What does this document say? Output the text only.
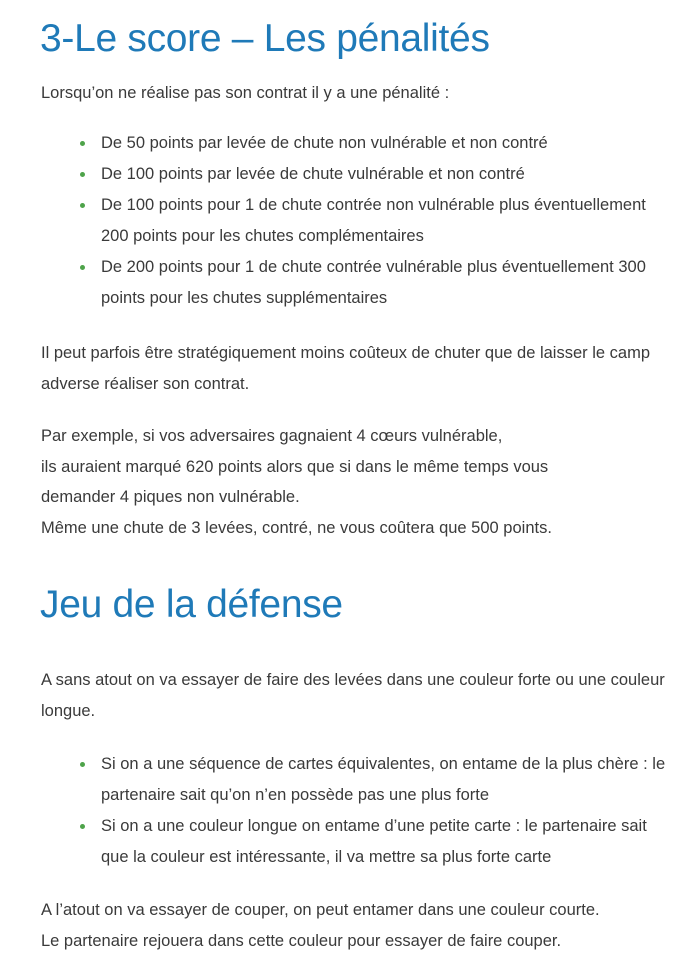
3-Le score – Les pénalités

Lorsqu’on ne réalise pas son contrat il y a une pénalité :

De 50 points par levée de chute non vulnérable et non contré
De 100 points par levée de chute vulnérable et non contré
De 100 points pour 1 de chute contrée non vulnérable plus éventuellement 200 points pour les chutes complémentaires
De 200 points pour 1 de chute contrée vulnérable plus éventuellement 300 points pour les chutes supplémentaires

Il peut parfois être stratégiquement moins coûteux de chuter que de laisser le camp adverse réaliser son contrat.

Par exemple, si vos adversaires gagnaient 4 cœurs vulnérable,
ils auraient marqué 620 points alors que si dans le même temps vous
demander 4 piques non vulnérable.
Même une chute de 3 levées, contré, ne vous coûtera que 500 points.

Jeu de la défense

A sans atout on va essayer de faire des levées dans une couleur forte ou une couleur longue.

Si on a une séquence de cartes équivalentes, on entame de la plus chère : le partenaire sait qu’on n’en possède pas une plus forte
Si on a une couleur longue on entame d’une petite carte : le partenaire sait que la couleur est intéressante, il va mettre sa plus forte carte

A l’atout on va essayer de couper, on peut entamer dans une couleur courte.
Le partenaire rejouera dans cette couleur pour essayer de faire couper.
